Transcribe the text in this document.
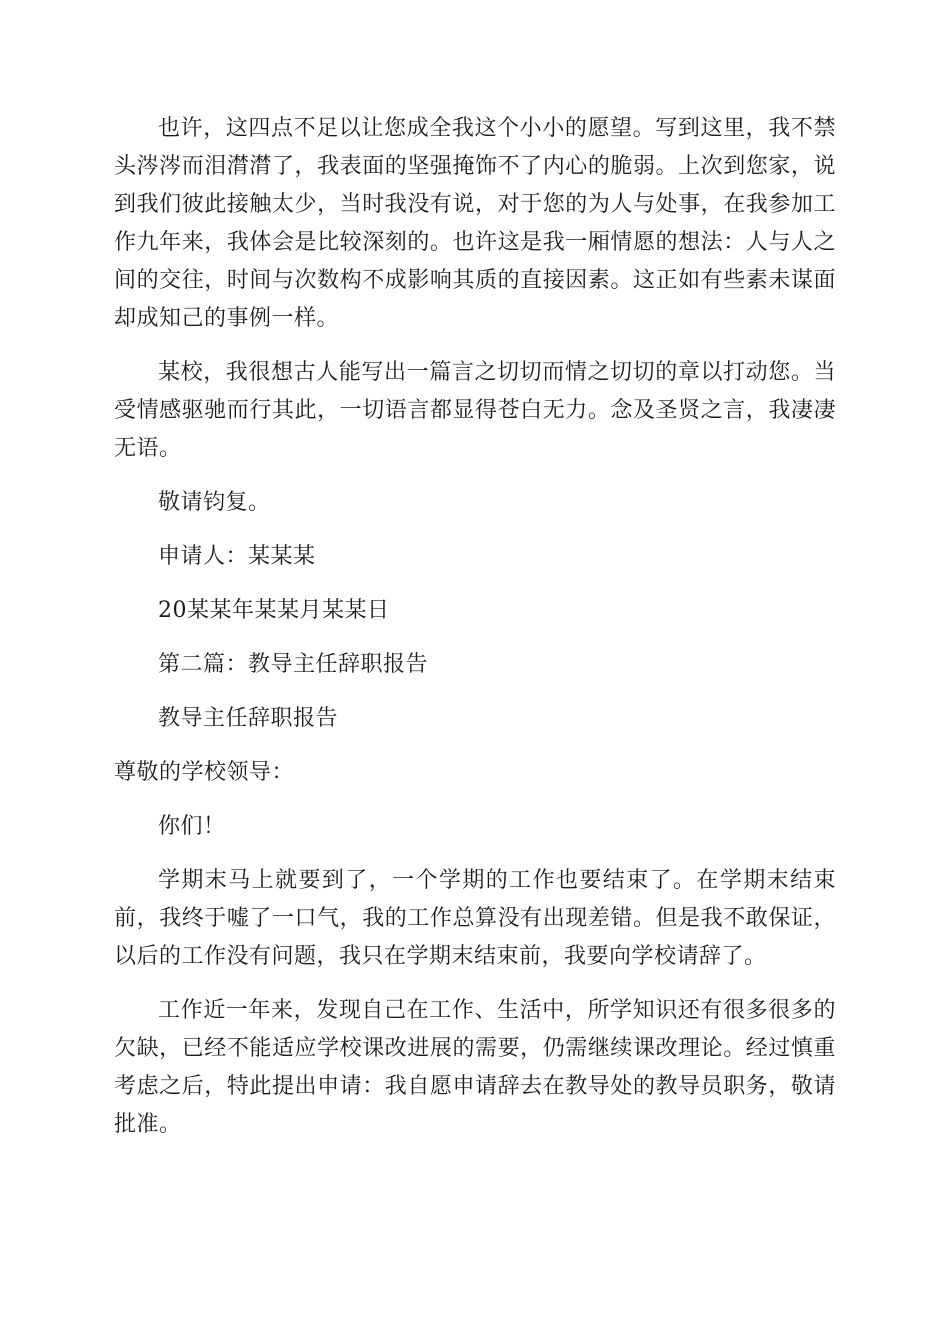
也许，这四点不足以让您成全我这个小小的愿望。写到这里，我不禁头涔涔而泪潸潸了，我表面的坚强掩饰不了内心的脆弱。上次到您家，说到我们彼此接触太少，当时我没有说，对于您的为人与处事，在我参加工作九年来，我体会是比较深刻的。也许这是我一厢情愿的想法：人与人之间的交往，时间与次数构不成影响其质的直接因素。这正如有些素未谋面却成知己的事例一样。

某校，我很想古人能写出一篇言之切切而情之切切的章以打动您。当受情感驱驰而行其此，一切语言都显得苍白无力。念及圣贤之言，我凄凄无语。

敬请钧复。

申请人：某某某

20某某年某某月某某日

第二篇：教导主任辞职报告

教导主任辞职报告

尊敬的学校领导：

你们！

学期末马上就要到了，一个学期的工作也要结束了。在学期末结束前，我终于嘘了一口气，我的工作总算没有出现差错。但是我不敢保证，以后的工作没有问题，我只在学期末结束前，我要向学校请辞了。

工作近一年来，发现自己在工作、生活中，所学知识还有很多很多的欠缺，已经不能适应学校课改进展的需要，仍需继续课改理论。经过慎重考虑之后，特此提出申请：我自愿申请辞去在教导处的教导员职务，敬请批准。
